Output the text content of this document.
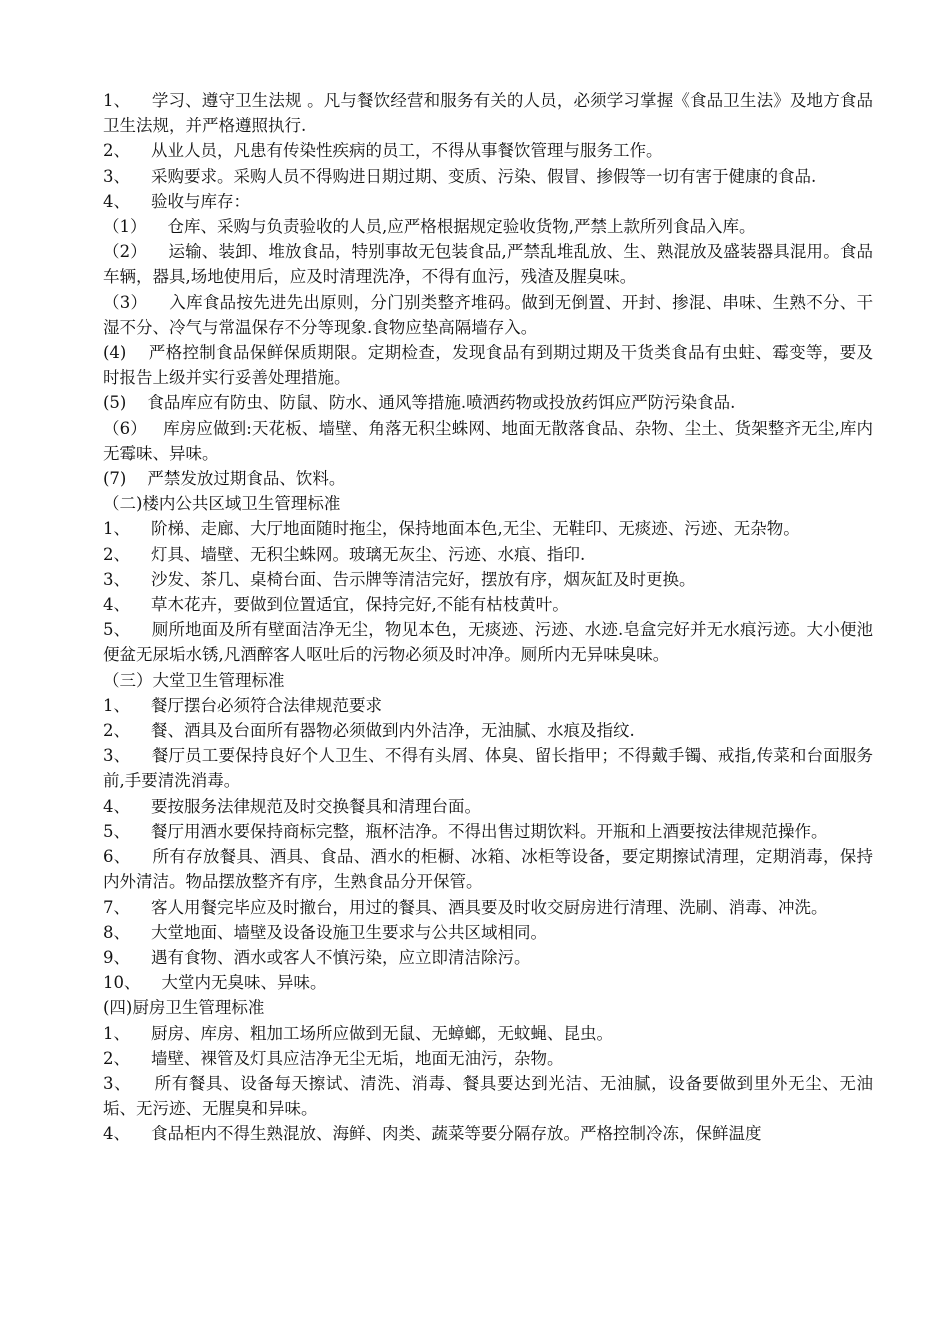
1、    学习、遵守卫生法规 。凡与餐饮经营和服务有关的人员，必须学习掌握《食品卫生法》及地方食品卫生法规，并严格遵照执行.

2、    从业人员，凡患有传染性疾病的员工，不得从事餐饮管理与服务工作。

3、    采购要求。采购人员不得购进日期过期、变质、污染、假冒、掺假等一切有害于健康的食品.

4、    验收与库存：

（1）    仓库、采购与负责验收的人员,应严格根据规定验收货物,严禁上款所列食品入库。

（2）    运输、装卸、堆放食品，特别事故无包装食品,严禁乱堆乱放、生、熟混放及盛装器具混用。食品车辆，器具,场地使用后，应及时清理洗净，不得有血污，残渣及腥臭味。

（3）    入库食品按先进先出原则，分门别类整齐堆码。做到无倒置、开封、掺混、串味、生熟不分、干湿不分、冷气与常温保存不分等现象.食物应垫高隔墙存入。

(4)    严格控制食品保鲜保质期限。定期检查，发现食品有到期过期及干货类食品有虫蛀、霉变等，要及时报告上级并实行妥善处理措施。

(5)    食品库应有防虫、防鼠、防水、通风等措施.喷洒药物或投放药饵应严防污染食品.

（6）   库房应做到:天花板、墙壁、角落无积尘蛛网、地面无散落食品、杂物、尘土、货架整齐无尘,库内无霉味、异味。

(7)    严禁发放过期食品、饮料。

（二)楼内公共区域卫生管理标准

1、    阶梯、走廊、大厅地面随时拖尘，保持地面本色,无尘、无鞋印、无痰迹、污迹、无杂物。

2、    灯具、墙壁、无积尘蛛网。玻璃无灰尘、污迹、水痕、指印.

3、    沙发、茶几、桌椅台面、告示牌等清洁完好，摆放有序，烟灰缸及时更换。

4、    草木花卉，要做到位置适宜，保持完好,不能有枯枝黄叶。

5、    厕所地面及所有壁面洁净无尘，物见本色，无痰迹、污迹、水迹.皂盒完好并无水痕污迹。大小便池便盆无尿垢水锈,凡酒醉客人呕吐后的污物必须及时冲净。厕所内无异味臭味。

（三）大堂卫生管理标准

1、    餐厅摆台必须符合法律规范要求

2、    餐、酒具及台面所有器物必须做到内外洁净，无油腻、水痕及指纹.

3、    餐厅员工要保持良好个人卫生、不得有头屑、体臭、留长指甲；不得戴手镯、戒指,传菜和台面服务前,手要清洗消毒。

4、    要按服务法律规范及时交换餐具和清理台面。

5、    餐厅用酒水要保持商标完整，瓶杯洁净。不得出售过期饮料。开瓶和上酒要按法律规范操作。

6、    所有存放餐具、酒具、食品、酒水的柜橱、冰箱、冰柜等设备，要定期擦试清理，定期消毒，保持内外清洁。物品摆放整齐有序，生熟食品分开保管。

7、    客人用餐完毕应及时撤台，用过的餐具、酒具要及时收交厨房进行清理、洗刷、消毒、冲洗。

8、    大堂地面、墙壁及设备设施卫生要求与公共区域相同。

9、    遇有食物、酒水或客人不慎污染，应立即清洁除污。

10、    大堂内无臭味、异味。

(四)厨房卫生管理标准

1、    厨房、库房、粗加工场所应做到无鼠、无蟑螂，无蚊蝇、昆虫。

2、    墙壁、裸管及灯具应洁净无尘无垢，地面无油污，杂物。

3、    所有餐具、设备每天擦试、清洗、消毒、餐具要达到光洁、无油腻，设备要做到里外无尘、无油垢、无污迹、无腥臭和异味。

4、    食品柜内不得生熟混放、海鲜、肉类、蔬菜等要分隔存放。严格控制冷冻，保鲜温度
